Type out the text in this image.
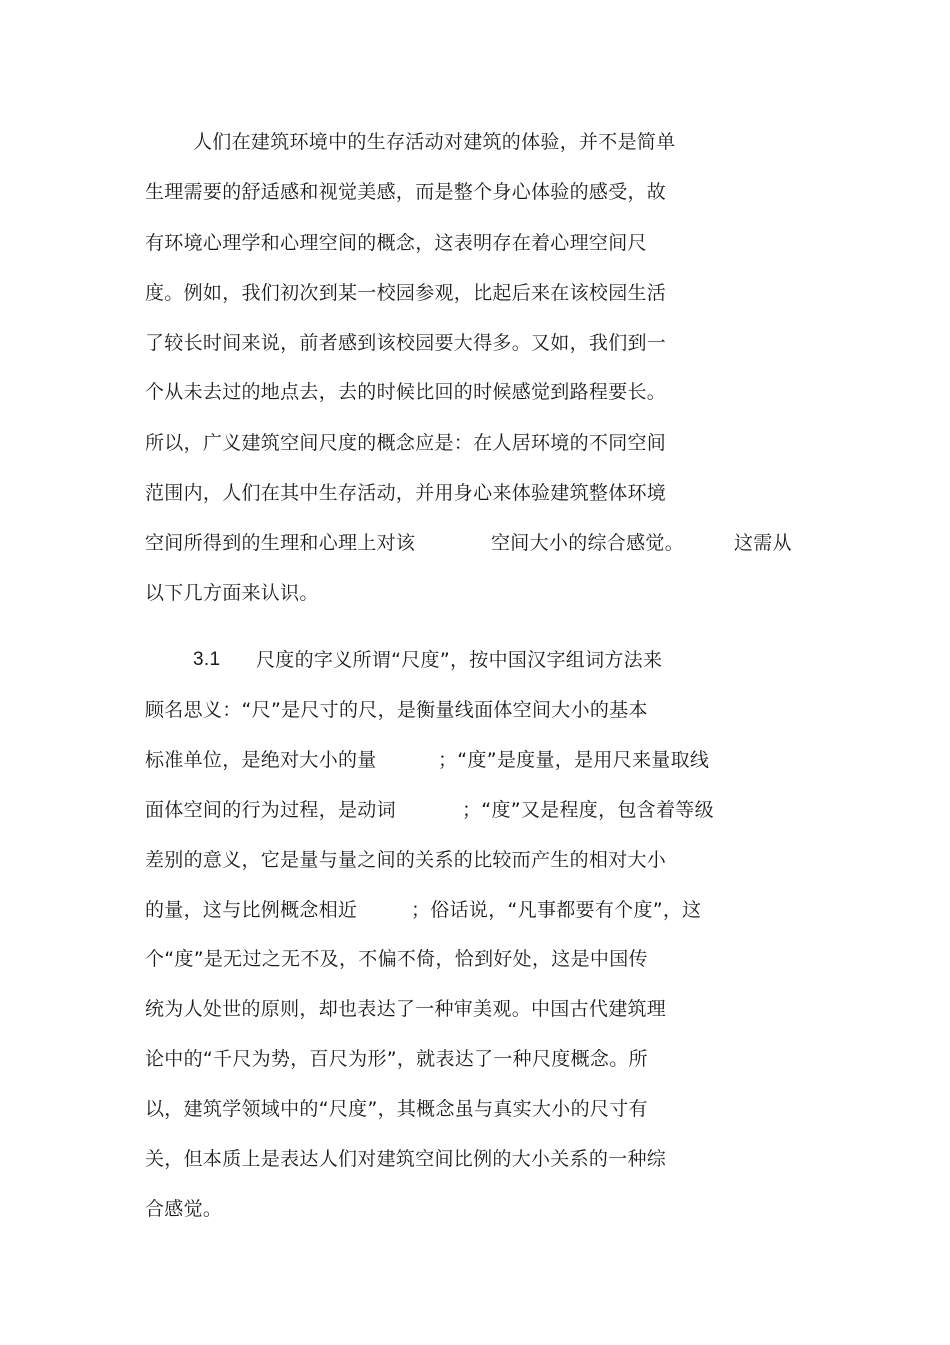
人们在建筑环境中的生存活动对建筑的体验，并不是简单
生理需要的舒适感和视觉美感，而是整个身心体验的感受，故
有环境心理学和心理空间的概念，这表明存在着心理空间尺
度。例如，我们初次到某一校园参观，比起后来在该校园生活
了较长时间来说，前者感到该校园要大得多。又如，我们到一
个从未去过的地点去，去的时候比回的时候感觉到路程要长。
所以，广义建筑空间尺度的概念应是：在人居环境的不同空间
范围内，人们在其中生存活动，并用身心来体验建筑整体环境
空间所得到的生理和心理上对该	空间大小的综合感觉。	这需从
以下几方面来认识。
3.1 尺度的字义所谓“尺度”，按中国汉字组词方法来
顾名思义：“尺”是尺寸的尺，是衡量线面体空间大小的基本
标准单位，是绝对大小的量	；“度”是度量，是用尺来量取线
面体空间的行为过程，是动词	；“度”又是程度，包含着等级
差别的意义，它是量与量之间的关系的比较而产生的相对大小
的量，这与比例概念相近	；俗话说，“凡事都要有个度”，这
个“度”是无过之无不及，不偏不倚，恰到好处，这是中国传
统为人处世的原则，却也表达了一种审美观。中国古代建筑理
论中的“千尺为势，百尺为形”，就表达了一种尺度概念。所
以，建筑学领域中的“尺度”，其概念虽与真实大小的尺寸有
关，但本质上是表达人们对建筑空间比例的大小关系的一种综
合感觉。
